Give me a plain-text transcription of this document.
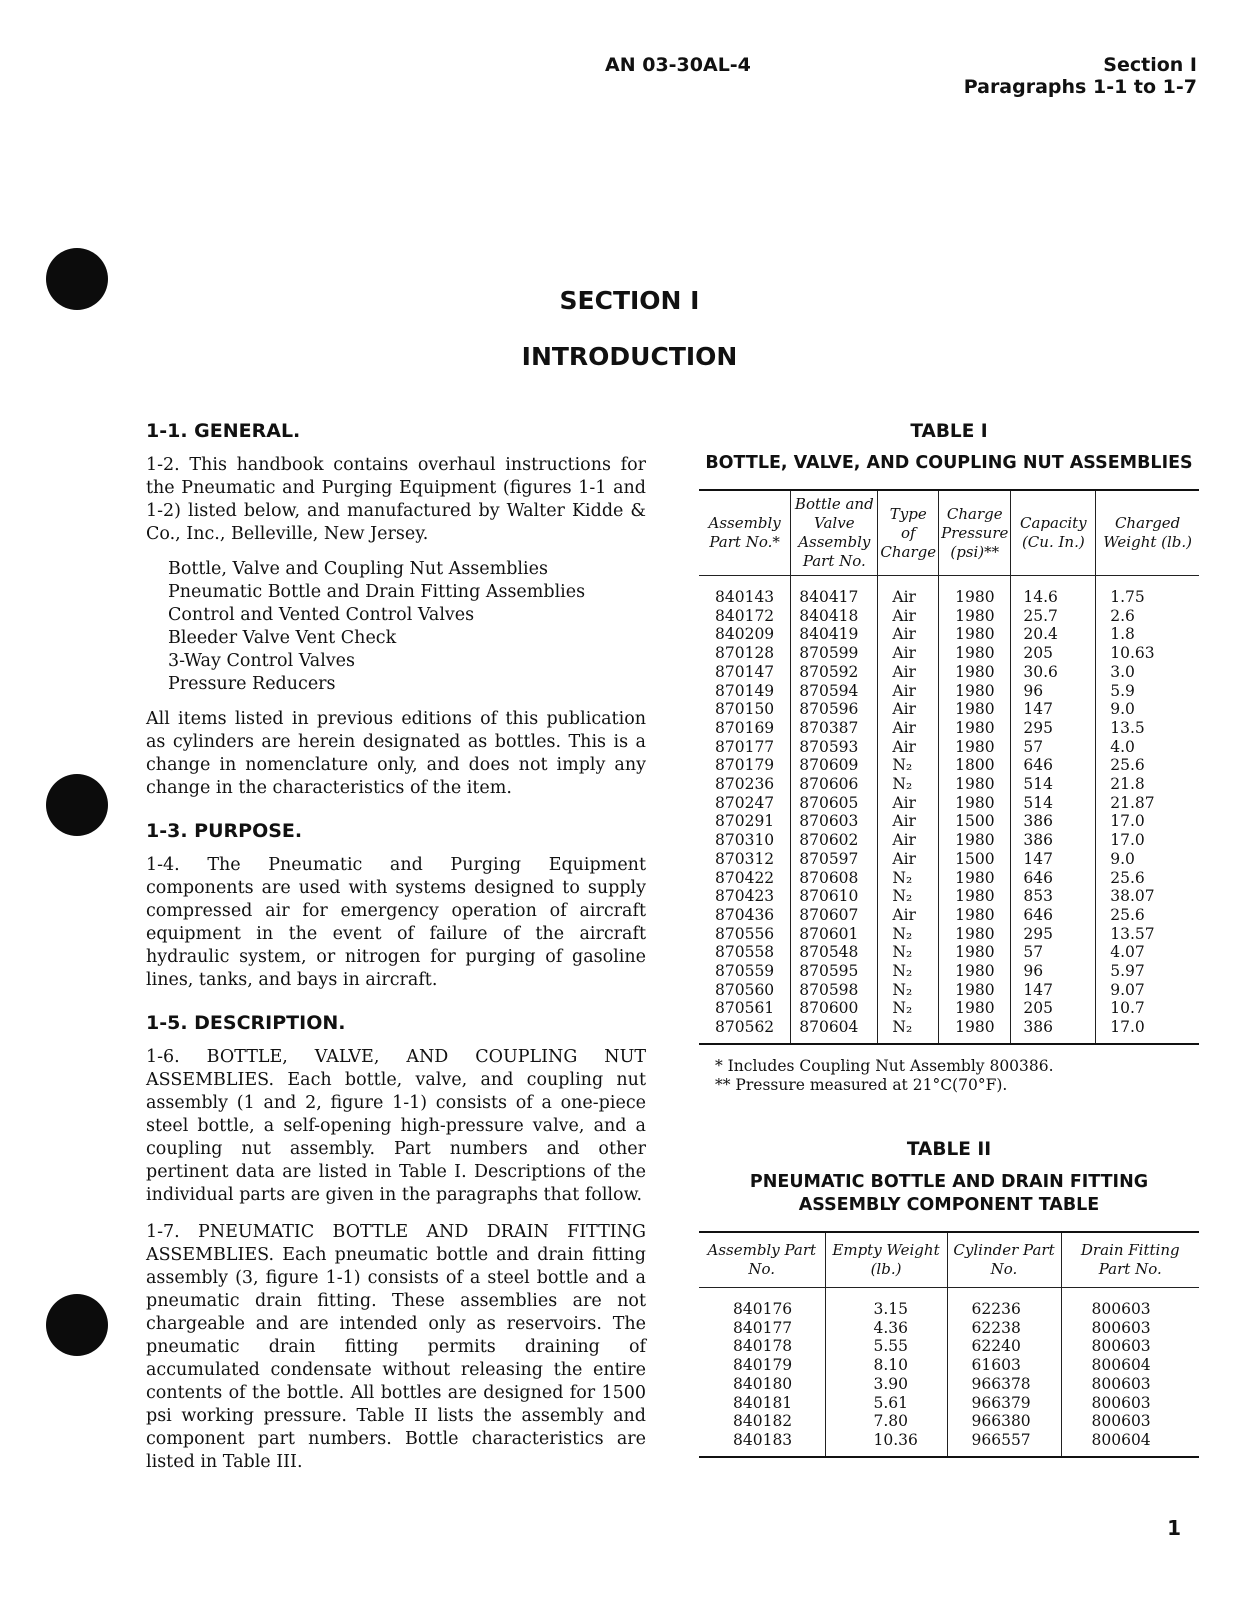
AN 03-30AL-4	Section I
Paragraphs 1-1 to 1-7
SECTION I
INTRODUCTION
1-1. GENERAL.
1-2. This handbook contains overhaul instructions for the Pneumatic and Purging Equipment (figures 1-1 and 1-2) listed below, and manufactured by Walter Kidde & Co., Inc., Belleville, New Jersey.
Bottle, Valve and Coupling Nut Assemblies
Pneumatic Bottle and Drain Fitting Assemblies
Control and Vented Control Valves
Bleeder Valve Vent Check
3-Way Control Valves
Pressure Reducers
All items listed in previous editions of this publication as cylinders are herein designated as bottles. This is a change in nomenclature only, and does not imply any change in the characteristics of the item.
1-3. PURPOSE.
1-4. The Pneumatic and Purging Equipment components are used with systems designed to supply compressed air for emergency operation of aircraft equipment in the event of failure of the aircraft hydraulic system, or nitrogen for purging of gasoline lines, tanks, and bays in aircraft.
1-5. DESCRIPTION.
1-6. BOTTLE, VALVE, AND COUPLING NUT ASSEMBLIES. Each bottle, valve, and coupling nut assembly (1 and 2, figure 1-1) consists of a one-piece steel bottle, a self-opening high-pressure valve, and a coupling nut assembly. Part numbers and other pertinent data are listed in Table I. Descriptions of the individual parts are given in the paragraphs that follow.
1-7. PNEUMATIC BOTTLE AND DRAIN FITTING ASSEMBLIES. Each pneumatic bottle and drain fitting assembly (3, figure 1-1) consists of a steel bottle and a pneumatic drain fitting. These assemblies are not chargeable and are intended only as reservoirs. The pneumatic drain fitting permits draining of accumulated condensate without releasing the entire contents of the bottle. All bottles are designed for 1500 psi working pressure. Table II lists the assembly and component part numbers. Bottle characteristics are listed in Table III.
TABLE I
BOTTLE, VALVE, AND COUPLING NUT ASSEMBLIES
Assembly Part No.*	Bottle and Valve Assembly Part No.	Type of Charge	Charge Pressure (psi)**	Capacity (Cu. In.)	Charged Weight (lb.)

840143	840417	Air	1980	14.6	1.75
840172	840418	Air	1980	25.7	2.6
840209	840419	Air	1980	20.4	1.8
870128	870599	Air	1980	205	10.63
870147	870592	Air	1980	30.6	3.0
870149	870594	Air	1980	96	5.9
870150	870596	Air	1980	147	9.0
870169	870387	Air	1980	295	13.5
870177	870593	Air	1980	57	4.0
870179	870609	N₂	1800	646	25.6
870236	870606	N₂	1980	514	21.8
870247	870605	Air	1980	514	21.87
870291	870603	Air	1500	386	17.0
870310	870602	Air	1980	386	17.0
870312	870597	Air	1500	147	9.0
870422	870608	N₂	1980	646	25.6
870423	870610	N₂	1980	853	38.07
870436	870607	Air	1980	646	25.6
870556	870601	N₂	1980	295	13.57
870558	870548	N₂	1980	57	4.07
870559	870595	N₂	1980	96	5.97
870560	870598	N₂	1980	147	9.07
870561	870600	N₂	1980	205	10.7
870562	870604	N₂	1980	386	17.0

* Includes Coupling Nut Assembly 800386.
** Pressure measured at 21°C(70°F).
TABLE II
PNEUMATIC BOTTLE AND DRAIN FITTING
ASSEMBLY COMPONENT TABLE
Assembly Part No.	Empty Weight (lb.)	Cylinder Part No.	Drain Fitting Part No.

840176	3.15	62236	800603
840177	4.36	62238	800603
840178	5.55	62240	800603
840179	8.10	61603	800604
840180	3.90	966378	800603
840181	5.61	966379	800603
840182	7.80	966380	800603
840183	10.36	966557	800604

1
